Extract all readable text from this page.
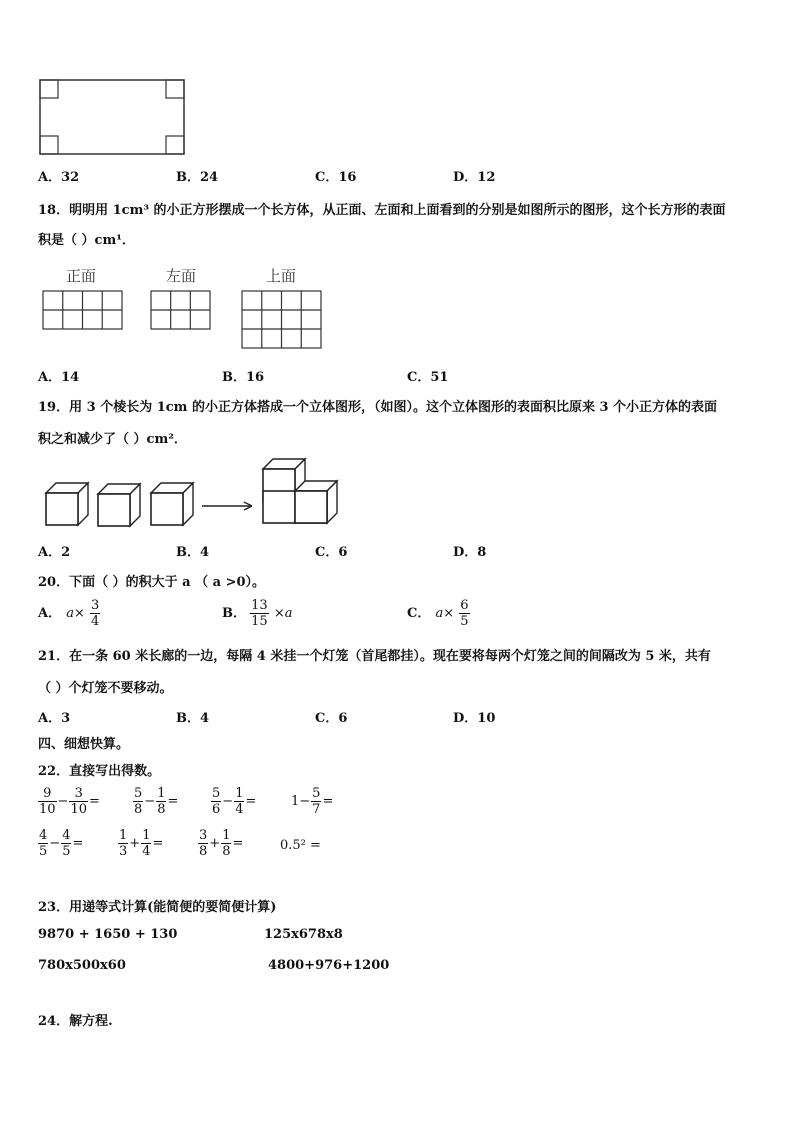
A．32	B．24	C．16	D．12
18．明明用 1cm³ 的小正方形摆成一个长方体，从正面、左面和上面看到的分别是如图所示的图形，这个长方形的表面
积是（ ）cm¹．
正面	左面	上面
A．14	B．16	C．51
19．用 3 个棱长为 1cm 的小正方体搭成一个立体图形，（如图）。这个立体图形的表面积比原来 3 个小正方体的表面
积之和减少了（ ）cm²．
A．2	B．4	C．6	D．8
20．下面（ ）的积大于 a （ a >0）。
A． $a\times \frac{3}{4}$	B． $\frac{13}{15} \times a$	C． $a\times \frac{6}{5}$
21．在一条 60 米长廊的一边，每隔 4 米挂一个灯笼（首尾都挂）。现在要将每两个灯笼之间的间隔改为 5 米，共有
（ ）个灯笼不要移动。
A．3	B．4	C．6	D．10
四、细想快算。
22．直接写出得数。
$\frac{9}{10} - \frac{3}{10}$ =	$\frac{5}{8} - \frac{1}{8}$ =	$\frac{5}{6} - \frac{1}{4}$ =	$1- \frac{5}{7}$ =
$\frac{4}{5} - \frac{4}{5}$ =	$\frac{1}{3} + \frac{1}{4}$ =	$\frac{3}{8} + \frac{1}{8}$ =	0.5² =
23．用递等式计算(能简便的要简便计算)
9870 + 1650 + 130	125x678x8
780x500x60	4800+976+1200
24．解方程.
